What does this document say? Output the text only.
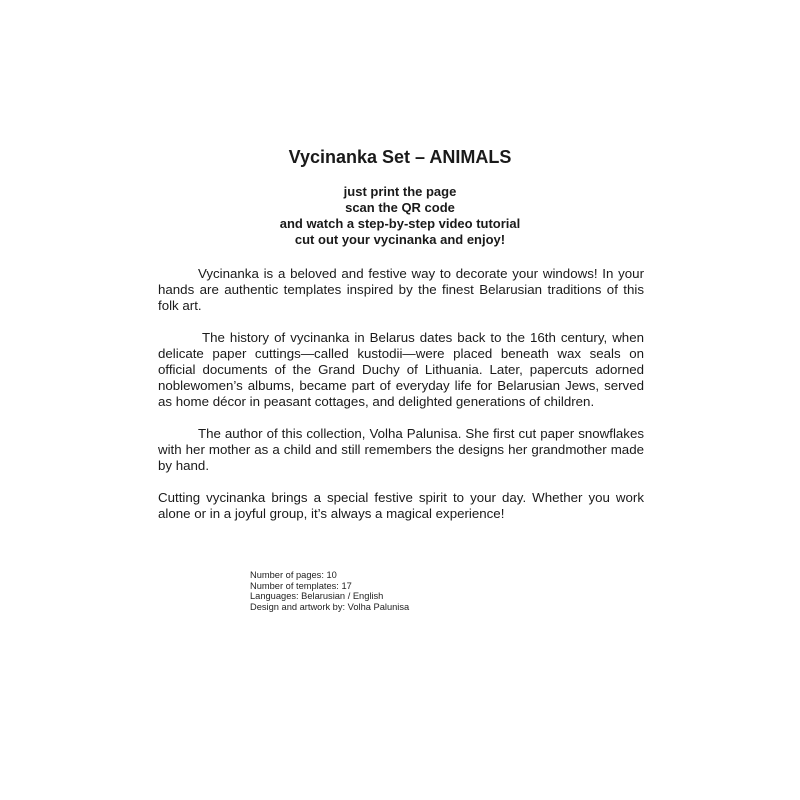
Vycinanka Set – ANIMALS
just print the page
scan the QR code
and watch a step-by-step video tutorial
cut out your vycinanka and enjoy!

Vycinanka is a beloved and festive way to decorate your windows! In your hands are authentic templates inspired by the finest Belarusian traditions of this folk art.

The history of vycinanka in Belarus dates back to the 16th century, when delicate paper cuttings—called kustodii—were placed beneath wax seals on official documents of the Grand Duchy of Lithuania. Later, papercuts adorned noblewomen’s albums, became part of everyday life for Belarusian Jews, served as home décor in peasant cottages, and delighted generations of children.

The author of this collection, Volha Palunisa. She first cut paper snowflakes with her mother as a child and still remembers the designs her grandmother made by hand.

Cutting vycinanka brings a special festive spirit to your day. Whether you work alone or in a joyful group, it’s always a magical experience!

Number of pages: 10
Number of templates: 17
Languages: Belarusian / English
Design and artwork by: Volha Palunisa
